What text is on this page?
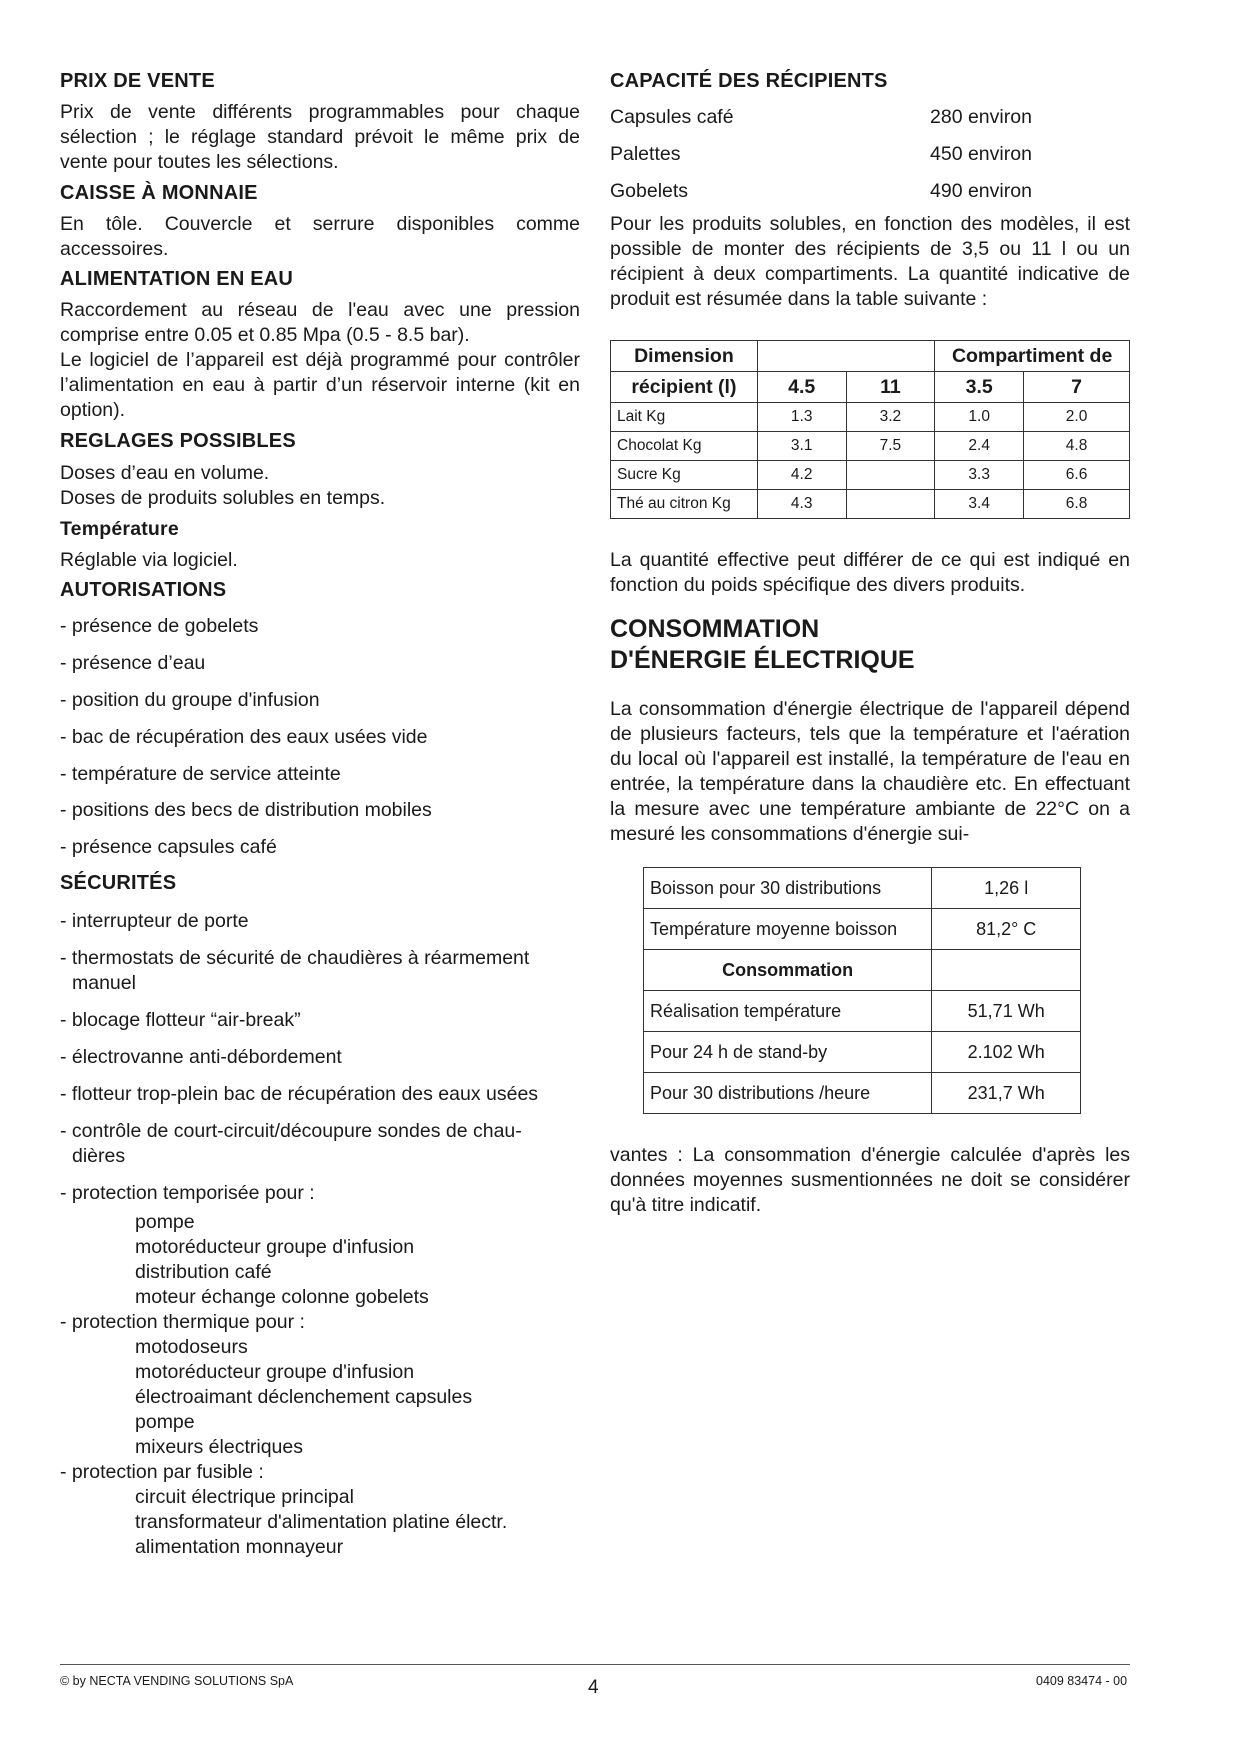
PRIX DE VENTE
Prix de vente différents programmables pour chaque sélection ; le réglage standard prévoit le même prix de vente pour toutes les sélections.
CAISSE À MONNAIE
En tôle. Couvercle et serrure disponibles comme accessoires.
ALIMENTATION EN EAU
Raccordement au réseau de l'eau avec une pression comprise entre 0.05 et 0.85 Mpa (0.5 - 8.5 bar).
Le logiciel de l’appareil est déjà programmé pour contrôler l’alimentation en eau à partir d’un réservoir interne (kit en option).
REGLAGES POSSIBLES
Doses d’eau en volume.
Doses de produits solubles en temps.
Température
Réglable via logiciel.
AUTORISATIONS
- présence de gobelets
- présence d’eau
- position du groupe d'infusion
- bac de récupération des eaux usées vide
- température de service atteinte
- positions des becs de distribution mobiles
- présence capsules café
SÉCURITÉS
- interrupteur de porte
- thermostats de sécurité de chaudières à réarmement
manuel
- blocage flotteur “air-break”
- électrovanne anti-débordement
- flotteur trop-plein bac de récupération des eaux usées
- contrôle de court-circuit/découpure sondes de chau-
dières
- protection temporisée pour :
pompe
motoréducteur groupe d'infusion
distribution café
moteur échange colonne gobelets
- protection thermique pour :
motodoseurs
motoréducteur groupe d'infusion
électroaimant déclenchement capsules
pompe
mixeurs électriques
- protection par fusible :
circuit électrique principal
transformateur d'alimentation platine électr.
alimentation monnayeur
CAPACITÉ DES RÉCIPIENTS
Capsules café	280 environ
Palettes	450 environ
Gobelets	490 environ
Pour les produits solubles, en fonction des modèles, il est possible de monter des récipients de 3,5 ou 11 l ou un récipient à deux compartiments. La quantité indicative de produit est résumée dans la table suivante :
Dimension			Compartiment de	
récipient (l)	4.5	11	3.5	7
Lait Kg	1.3	3.2	1.0	2.0
Chocolat Kg	3.1	7.5	2.4	4.8
Sucre Kg	4.2		3.3	6.6
Thé au citron Kg	4.3		3.4	6.8
La quantité effective peut différer de ce qui est indiqué en fonction du poids spécifique des divers produits.
CONSOMMATION
D'ÉNERGIE ÉLECTRIQUE
La consommation d'énergie électrique de l'appareil dépend de plusieurs facteurs, tels que la température et l'aération du local où l'appareil est installé, la température de l'eau en entrée, la température dans la chaudière etc. En effectuant la mesure avec une température ambiante de 22°C on a mesuré les consommations d'énergie sui-
Boisson pour 30 distributions	1,26 l
Température moyenne boisson	81,2° C
Consommation	
Réalisation température	51,71 Wh
Pour 24 h de stand-by	2.102 Wh
Pour 30 distributions /heure	231,7 Wh
vantes : La consommation d'énergie calculée d'après les données moyennes susmentionnées ne doit se considérer qu'à titre indicatif.
© by NECTA VENDING SOLUTIONS SpA	4	0409 83474 - 00
